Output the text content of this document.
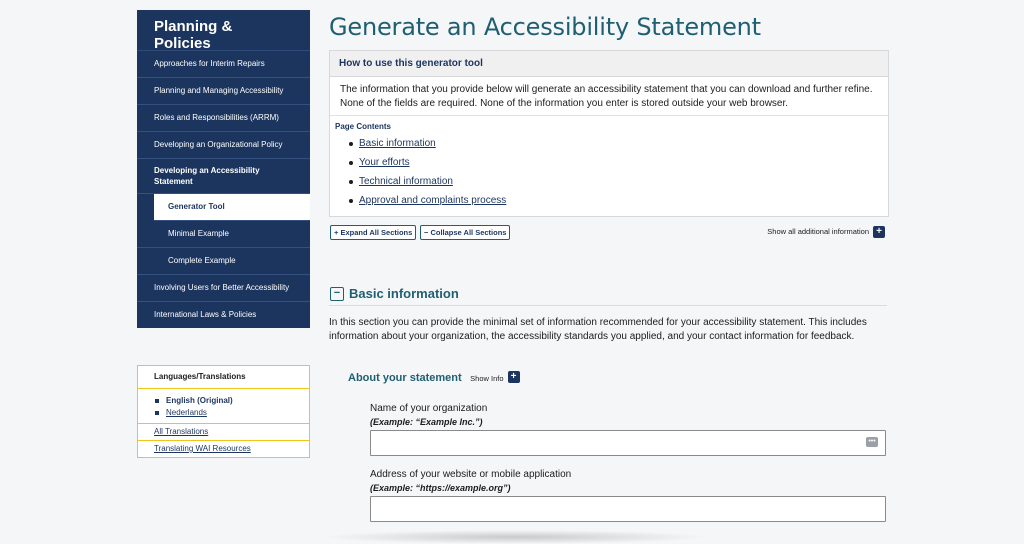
Planning & Policies
Approaches for Interim Repairs
Planning and Managing Accessibility
Roles and Responsibilities (ARRM)
Developing an Organizational Policy
Developing an Accessibility Statement
Generator Tool
Minimal Example
Complete Example
Involving Users for Better Accessibility
International Laws & Policies
Languages/Translations
English (Original)
Nederlands
All Translations
Translating WAI Resources
Generate an Accessibility Statement
How to use this generator tool
The information that you provide below will generate an accessibility statement that you can download and further refine. None of the fields are required. None of the information you enter is stored outside your web browser.
Page Contents
Basic information
Your efforts
Technical information
Approval and complaints process
+ Expand All Sections	− Collapse All Sections	Show all additional information +
− Basic information
In this section you can provide the minimal set of information recommended for your accessibility statement. This includes information about your organization, the accessibility standards you applied, and your contact information for feedback.
About your statement Show Info +
Name of your organization
(Example: “Example Inc.”)
•••
Address of your website or mobile application
(Example: “https://example.org”)
